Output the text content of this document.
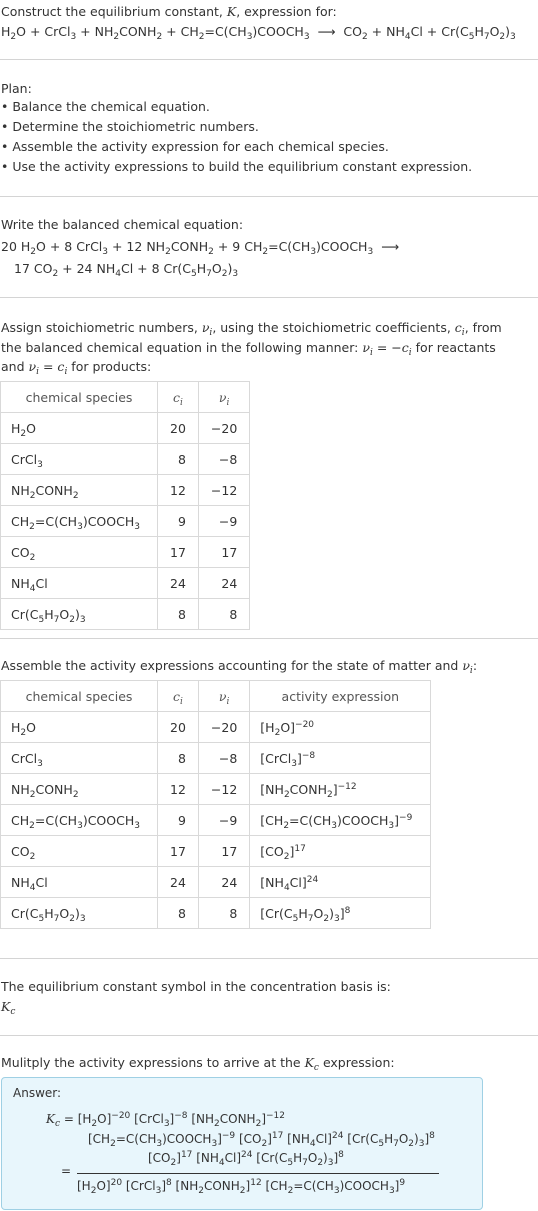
Construct the equilibrium constant, K, expression for:
$H_2O$ + CrCl$_3$ + $NH_2CONH_2$ + $CH_2=C(CH_3)COOCH_3$  ⟶  $CO_2 + NH_4Cl + Cr(C_5H_7O_2)_3$
Plan:
• Balance the chemical equation.
• Determine the stoichiometric numbers.
• Assemble the activity expression for each chemical species.
• Use the activity expressions to build the equilibrium constant expression.
Write the balanced chemical equation:
20 $H_2O + 8$ CrCl$_3$ + 12 $NH_2CONH_2 + 9$ $CH_2=C(CH_3)COOCH_3$  ⟶
17 $CO_2 + 24$ $NH_4Cl + 8$ $Cr(C_5H_7O_2)_3$
Assign stoichiometric numbers, $\nu_i$, using the stoichiometric coefficients, $c_i$, from
the balanced chemical equation in the following manner: $\nu_i = -c_i$ for reactants
and $\nu_i = c_i$ for products:
chemical species	$c_i$	$\nu_i$
$H_2O$	20	−20
CrCl$_3$	8	−8
$NH_2CONH_2$	12	−12
$CH_2=C(CH_3)COOCH_3$	9	−9
$CO_2$	17	17
$NH_4Cl$	24	24
$Cr(C_5H_7O_2)_3$	8	8
Assemble the activity expressions accounting for the state of matter and $\nu_i$:
chemical species	$c_i$	$\nu_i$	activity expression
$H_2O$	20	−20	$[H_2O]^{-20}$
CrCl$_3$	8	−8	[CrCl$_3$]$^{-8}$
$NH_2CONH_2$	12	−12	$[NH_2CONH_2]^{-12}$
$CH_2=C(CH_3)COOCH_3$	9	−9	$[CH_2=C(CH_3)COOCH_3]^{-9}$
$CO_2$	17	17	$[CO_2]^{17}$
$NH_4Cl$	24	24	$[NH_4Cl]^{24}$
$Cr(C_5H_7O_2)_3$	8	8	$[Cr(C_5H_7O_2)_3]^8$
The equilibrium constant symbol in the concentration basis is:
$K_c$
Mulitply the activity expressions to arrive at the $K_c$ expression:
Answer:
$K_c = [H_2O]^{-20}$ [CrCl$_3$]$^{-8}$ $[NH_2CONH_2]^{-12}$
$[CH_2=C(CH_3)COOCH_3]^{-9}$ $[CO_2]^{17}$ $[NH_4Cl]^{24}$ $[Cr(C_5H_7O_2)_3]^8$
=
$[CO_2]^{17}$ $[NH_4Cl]^{24}$ $[Cr(C_5H_7O_2)_3]^8$
$[H_2O]^{20}$ [CrCl$_3$]$^8$ $[NH_2CONH_2]^{12}$ $[CH_2=C(CH_3)COOCH_3]^9$
